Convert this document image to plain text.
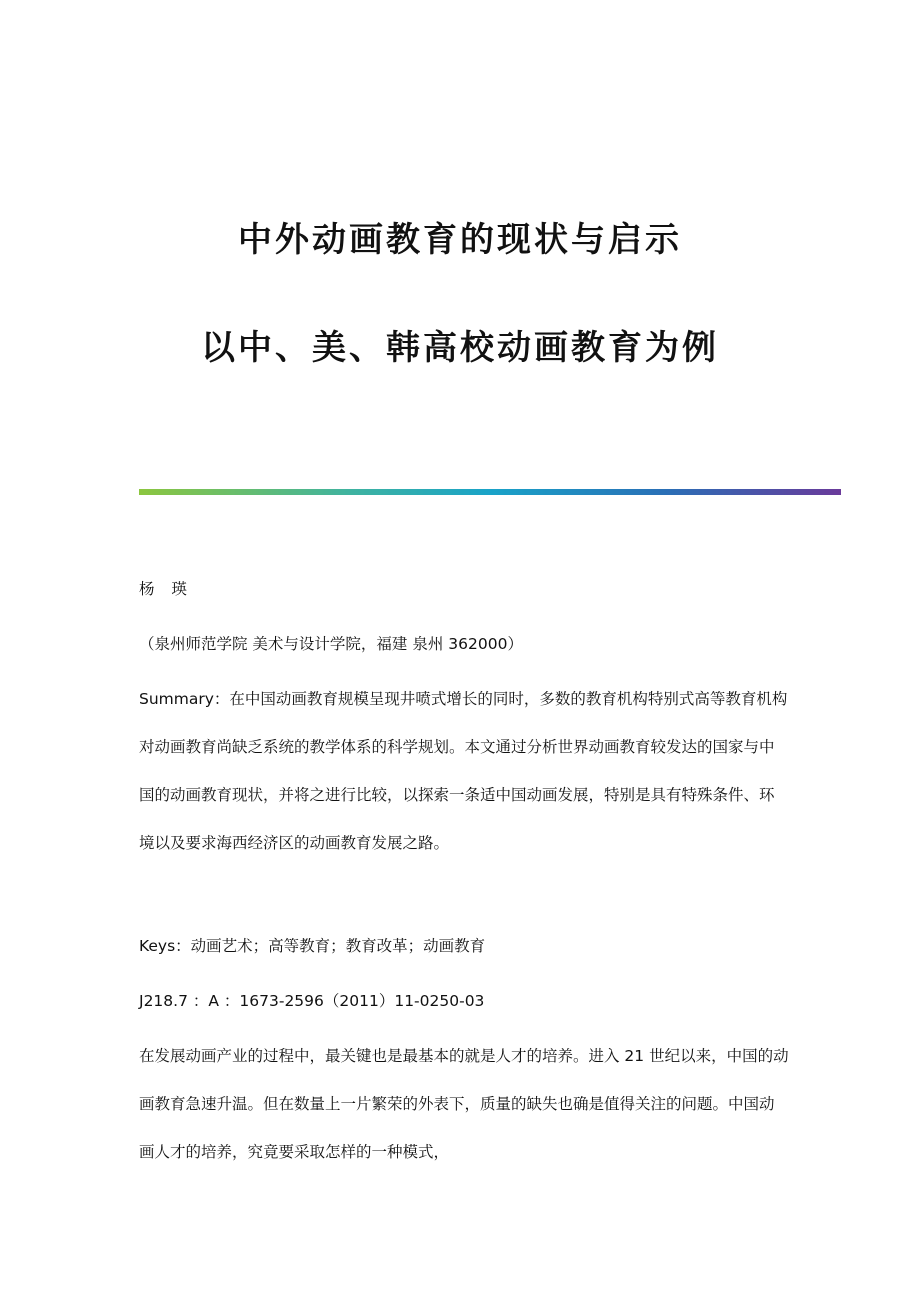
中外动画教育的现状与启示

以中、美、韩高校动画教育为例

杨 瑛

（泉州师范学院 美术与设计学院，福建 泉州 362000）

Summary：在中国动画教育规模呈现井喷式增长的同时，多数的教育机构特别式高等教育机构对动画教育尚缺乏系统的教学体系的科学规划。本文通过分析世界动画教育较发达的国家与中国的动画教育现状，并将之进行比较，以探索一条适中国动画发展，特别是具有特殊条件、环境以及要求海西经济区的动画教育发展之路。

Keys：动画艺术；高等教育；教育改革；动画教育

J218.7 ：A ：1673-2596（2011）11-0250-03

在发展动画产业的过程中，最关键也是最基本的就是人才的培养。进入 21 世纪以来，中国的动画教育急速升温。但在数量上一片繁荣的外表下，质量的缺失也确是值得关注的问题。中国动画人才的培养，究竟要采取怎样的一种模式，
